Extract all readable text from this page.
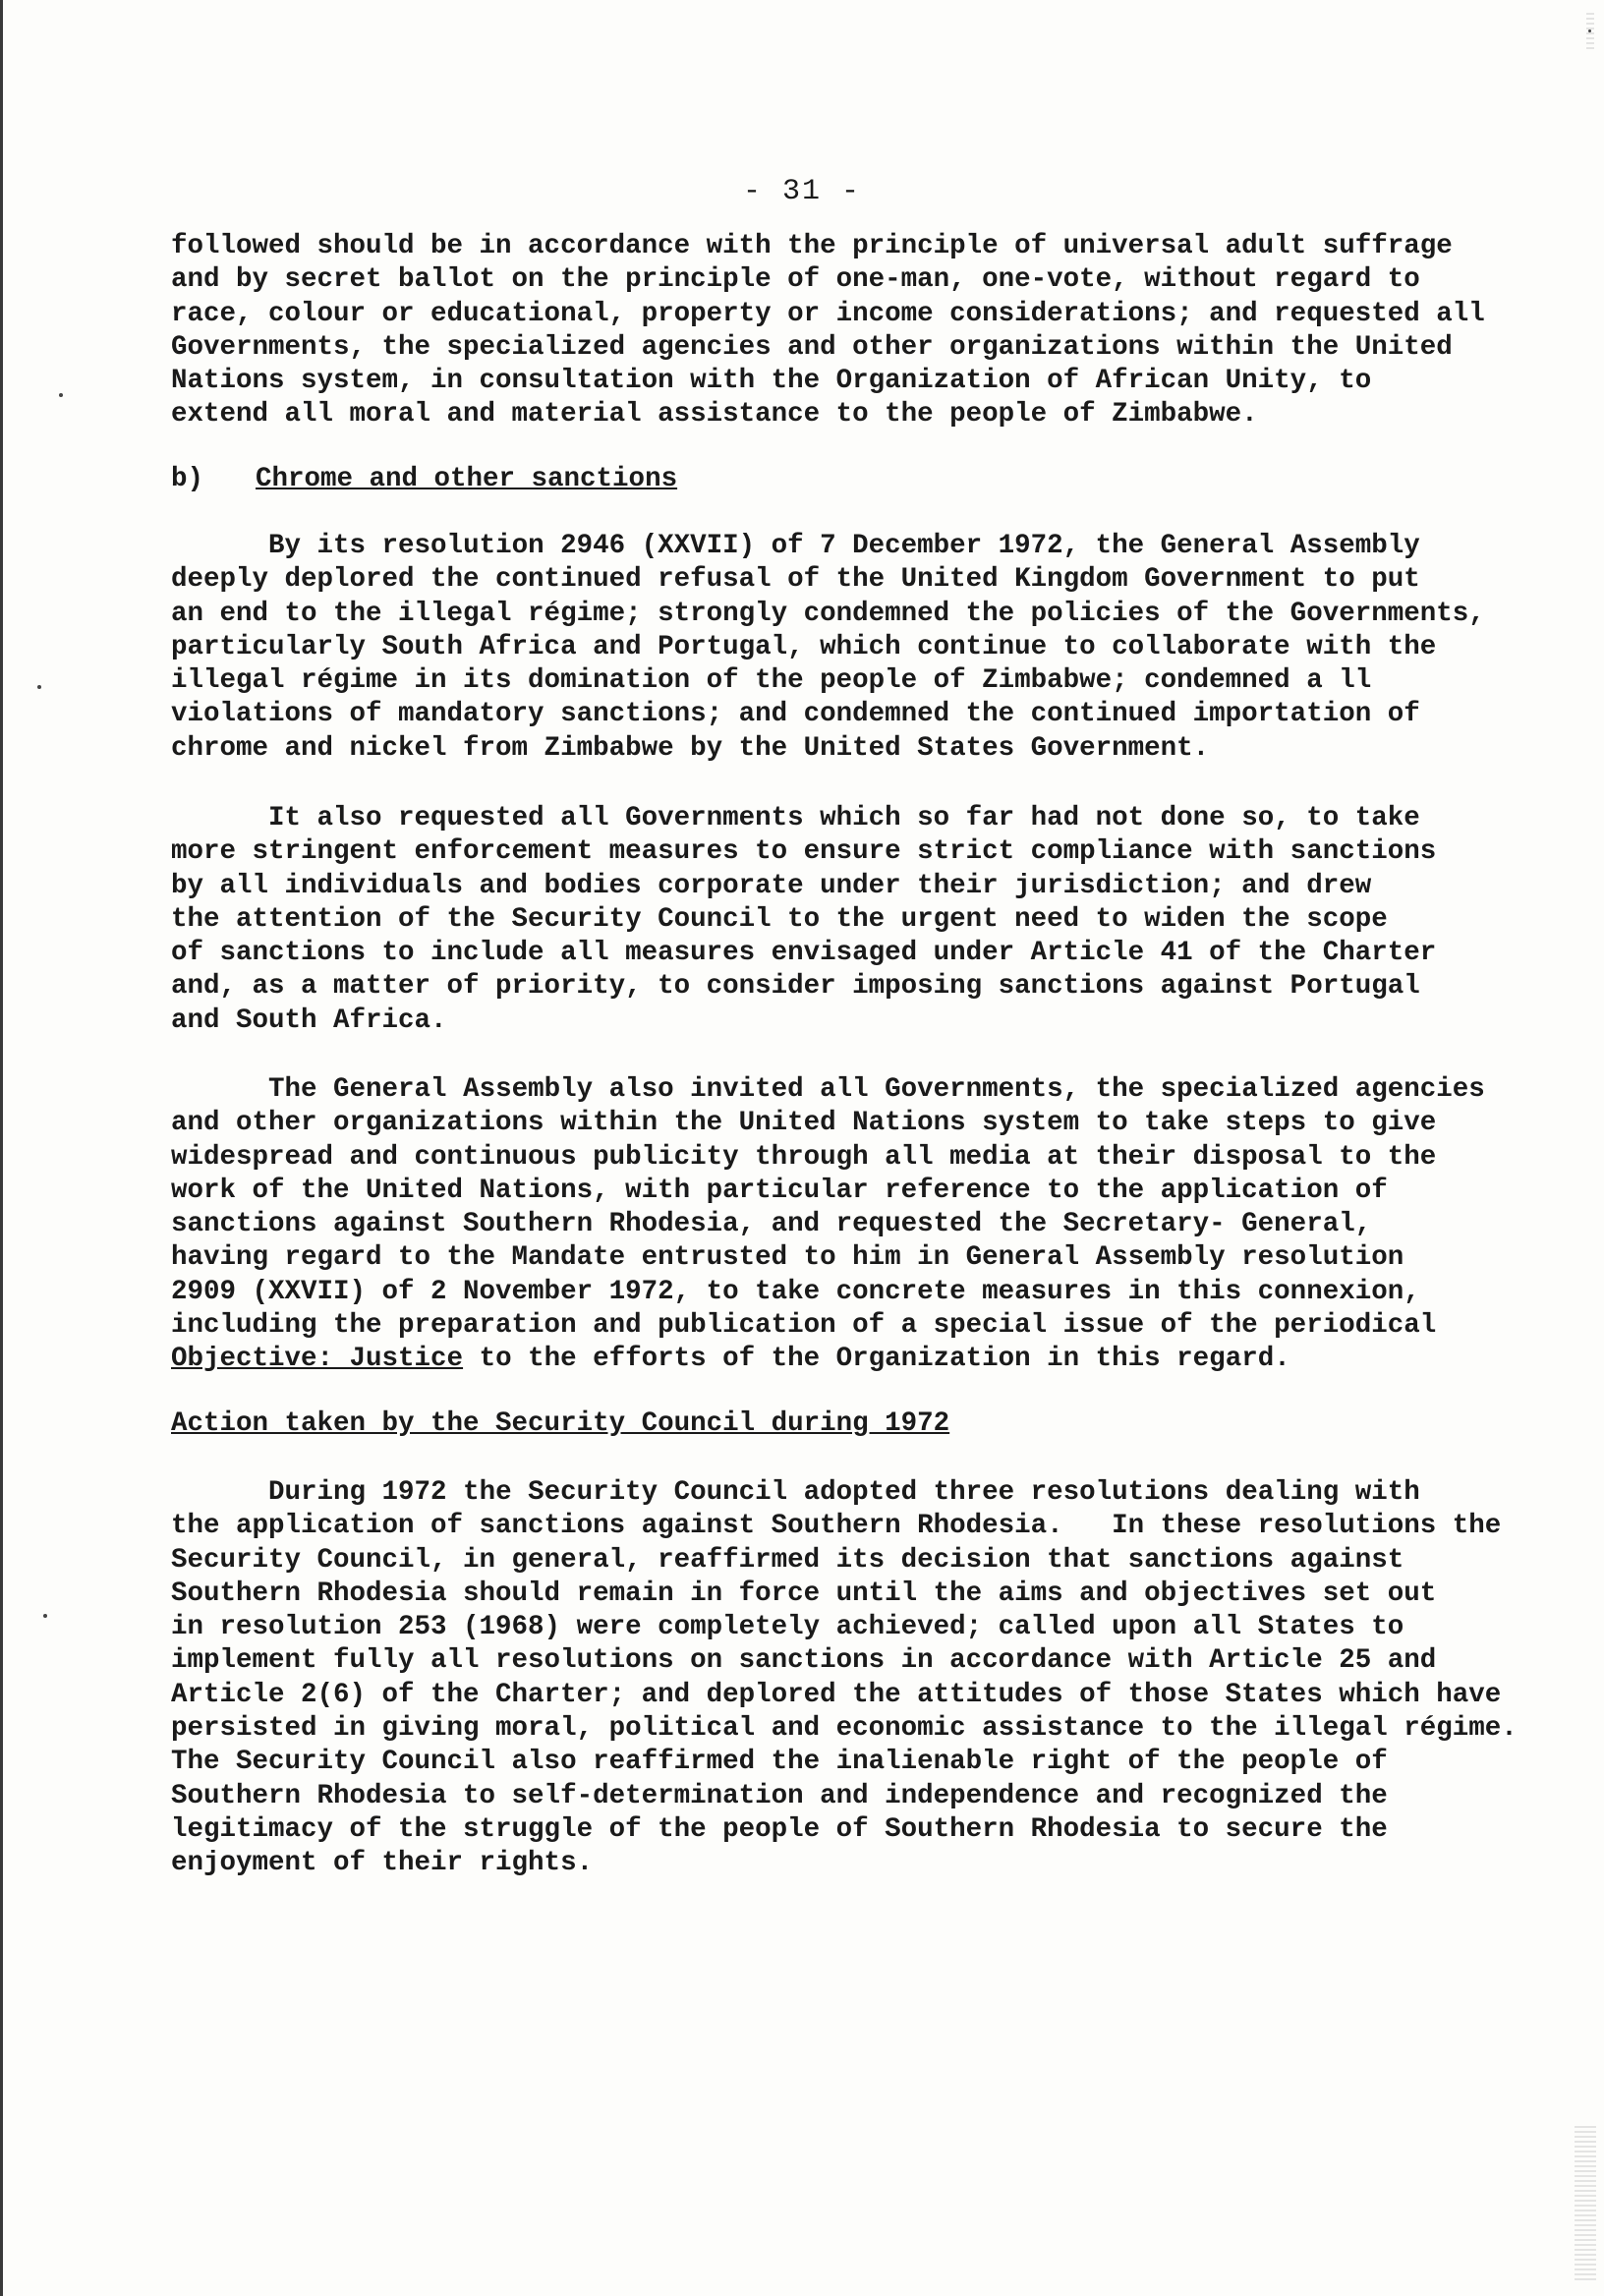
- 31 -

followed should be in accordance with the principle of universal adult suffrage
and by secret ballot on the principle of one-man, one-vote, without regard to
race, colour or educational, property or income considerations; and requested all
Governments, the specialized agencies and other organizations within the United
Nations system, in consultation with the Organization of African Unity, to
extend all moral and material assistance to the people of Zimbabwe.

b) Chrome and other sanctions

By its resolution 2946 (XXVII) of 7 December 1972, the General Assembly
deeply deplored the continued refusal of the United Kingdom Government to put
an end to the illegal régime; strongly condemned the policies of the Governments,
particularly South Africa and Portugal, which continue to collaborate with the
illegal régime in its domination of the people of Zimbabwe; condemned a ll
violations of mandatory sanctions; and condemned the continued importation of
chrome and nickel from Zimbabwe by the United States Government.

It also requested all Governments which so far had not done so, to take
more stringent enforcement measures to ensure strict compliance with sanctions
by all individuals and bodies corporate under their jurisdiction; and drew
the attention of the Security Council to the urgent need to widen the scope
of sanctions to include all measures envisaged under Article 41 of the Charter
and, as a matter of priority, to consider imposing sanctions against Portugal
and South Africa.

The General Assembly also invited all Governments, the specialized agencies
and other organizations within the United Nations system to take steps to give
widespread and continuous publicity through all media at their disposal to the
work of the United Nations, with particular reference to the application of
sanctions against Southern Rhodesia, and requested the Secretary- General,
having regard to the Mandate entrusted to him in General Assembly resolution
2909 (XXVII) of 2 November 1972, to take concrete measures in this connexion,
including the preparation and publication of a special issue of the periodical
Objective: Justice to the efforts of the Organization in this regard.

Action taken by the Security Council during 1972

During 1972 the Security Council adopted three resolutions dealing with
the application of sanctions against Southern Rhodesia.   In these resolutions the
Security Council, in general, reaffirmed its decision that sanctions against
Southern Rhodesia should remain in force until the aims and objectives set out
in resolution 253 (1968) were completely achieved; called upon all States to
implement fully all resolutions on sanctions in accordance with Article 25 and
Article 2(6) of the Charter; and deplored the attitudes of those States which have
persisted in giving moral, political and economic assistance to the illegal régime.
The Security Council also reaffirmed the inalienable right of the people of
Southern Rhodesia to self-determination and independence and recognized the
legitimacy of the struggle of the people of Southern Rhodesia to secure the
enjoyment of their rights.
